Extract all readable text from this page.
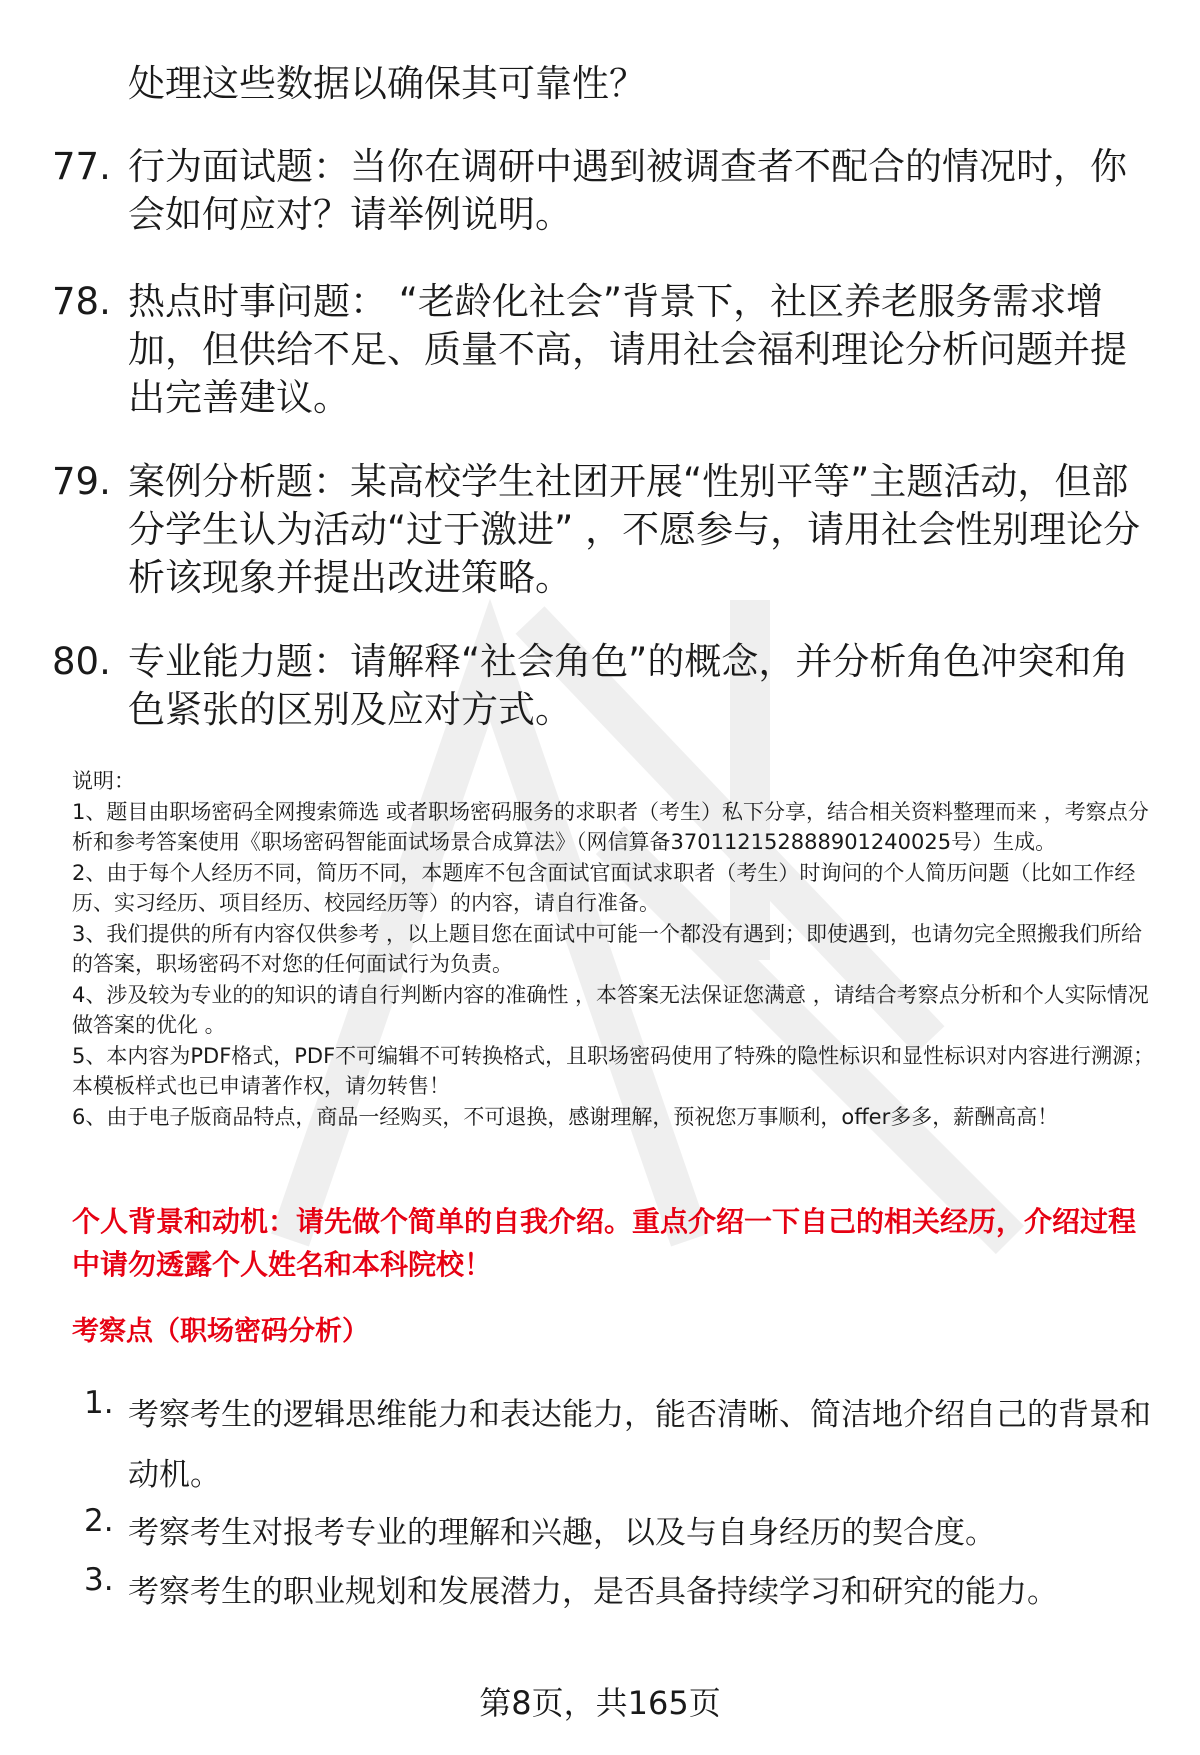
处理这些数据以确保其可靠性？
77. 行为面试题：当你在调研中遇到被调查者不配合的情况时，你会如何应对？请举例说明。
78. 热点时事问题： “老龄化社会”背景下，社区养老服务需求增加，但供给不足、质量不高，请用社会福利理论分析问题并提出完善建议。
79. 案例分析题：某高校学生社团开展“性别平等”主题活动，但部分学生认为活动“过于激进” ，不愿参与，请用社会性别理论分析该现象并提出改进策略。
80. 专业能力题：请解释“社会角色”的概念，并分析角色冲突和角色紧张的区别及应对方式。

说明：

1、题目由职场密码全网搜索筛选 或者职场密码服务的求职者（考生）私下分享，结合相关资料整理而来 ，考察点分析和参考答案使用《职场密码智能面试场景合成算法》（网信算备370112152888901240025号）生成。

2、由于每个人经历不同，简历不同，本题库不包含面试官面试求职者（考生）时询问的个人简历问题（比如工作经历、实习经历、项目经历、校园经历等）的内容，请自行准备。

3、我们提供的所有内容仅供参考 ，以上题目您在面试中可能一个都没有遇到；即使遇到，也请勿完全照搬我们所给的答案，职场密码不对您的任何面试行为负责。

4、涉及较为专业的的知识的请自行判断内容的准确性 ，本答案无法保证您满意 ，请结合考察点分析和个人实际情况做答案的优化 。

5、本内容为PDF格式，PDF不可编辑不可转换格式，且职场密码使用了特殊的隐性标识和显性标识对内容进行溯源；本模板样式也已申请著作权，请勿转售！

6、由于电子版商品特点，商品一经购买，不可退换，感谢理解，预祝您万事顺利，offer多多，薪酬高高！

个人背景和动机：请先做个简单的自我介绍。重点介绍一下自己的相关经历，介绍过程中请勿透露个人姓名和本科院校！
考察点（职场密码分析）
1. 考察考生的逻辑思维能力和表达能力，能否清晰、简洁地介绍自己的背景和动机。
2. 考察考生对报考专业的理解和兴趣，以及与自身经历的契合度。
3. 考察考生的职业规划和发展潜力，是否具备持续学习和研究的能力。
第8页，共165页
